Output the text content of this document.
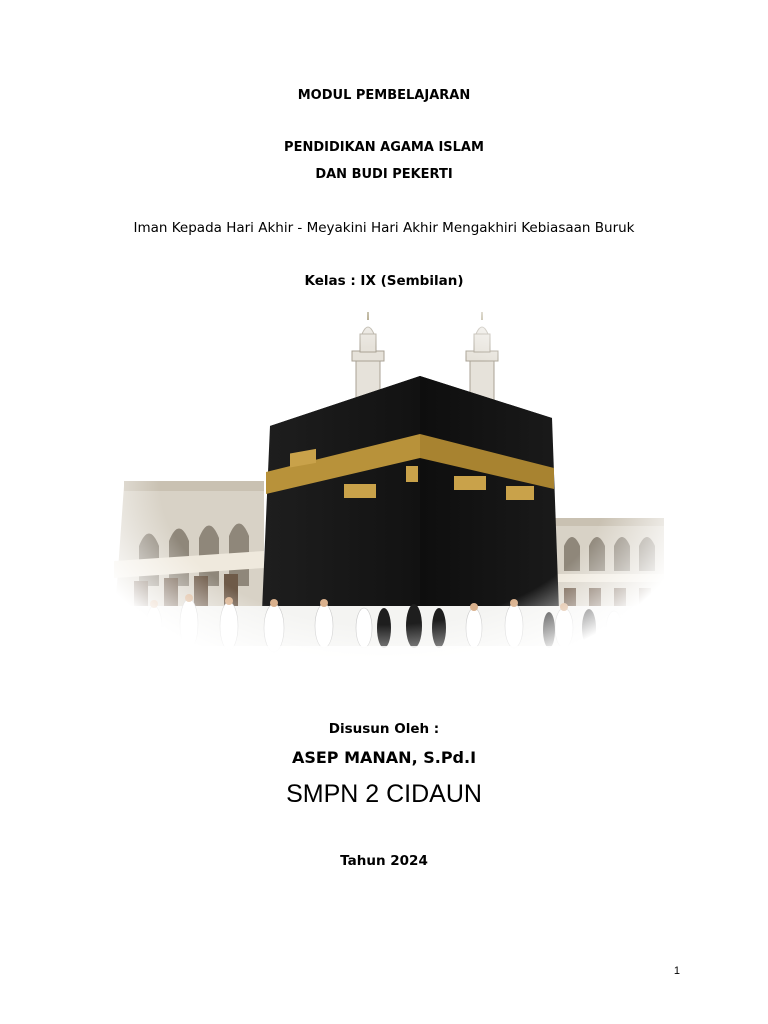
MODUL PEMBELAJARAN
PENDIDIKAN AGAMA ISLAM
DAN BUDI PEKERTI
Iman Kepada Hari Akhir - Meyakini Hari Akhir Mengakhiri Kebiasaan Buruk
Kelas : IX (Sembilan)
Disusun Oleh :
ASEP MANAN, S.Pd.I
SMPN 2 CIDAUN
Tahun 2024
1
